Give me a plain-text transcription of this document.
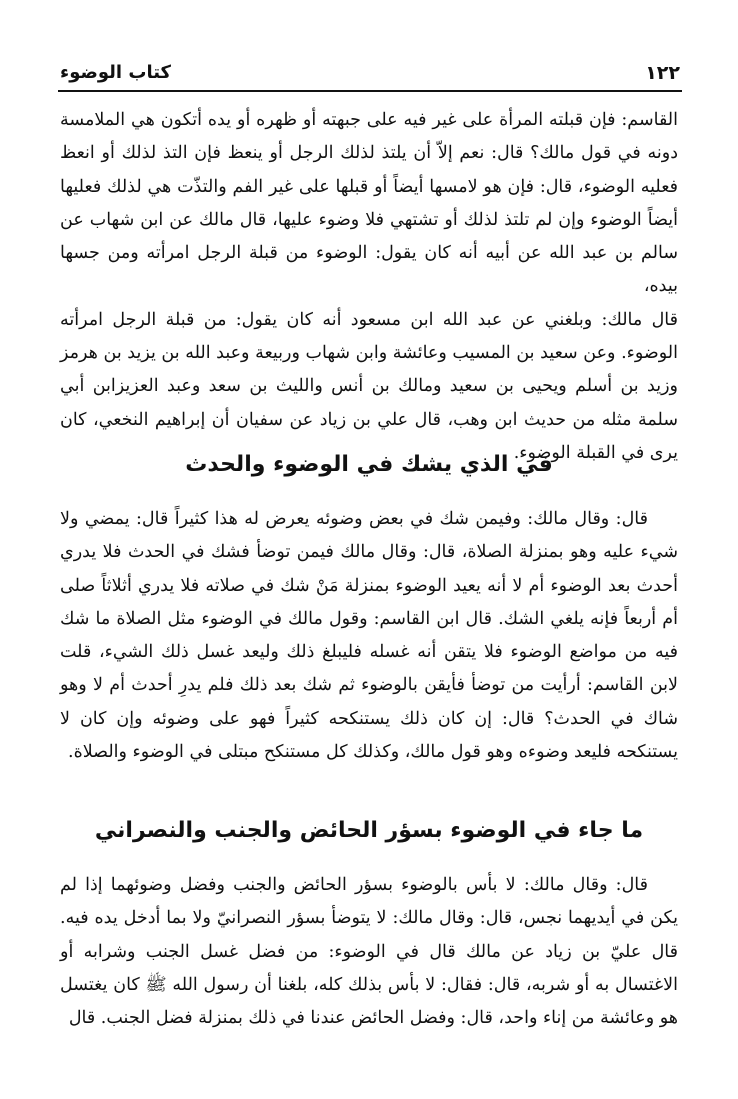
١٢٢
كتاب الوضوء

القاسم: فإن قبلته المرأة على غير فيه على جبهته أو ظهره أو يده أتكون هي الملامسة دونه في قول مالك؟ قال: نعم إلاّ أن يلتذ لذلك الرجل أو ينعظ فإن التذ لذلك أو انعظ فعليه الوضوء، قال: فإن هو لامسها أيضاً أو قبلها على غير الفم والتذّت هي لذلك فعليها أيضاً الوضوء وإن لم تلتذ لذلك أو تشتهي فلا وضوء عليها، قال مالك عن ابن شهاب عن سالم بن عبد الله عن أبيه أنه كان يقول: الوضوء من قبلة الرجل امرأته ومن جسها بيده،

قال مالك: وبلغني عن عبد الله ابن مسعود أنه كان يقول: من قبلة الرجل امرأته الوضوء. وعن سعيد بن المسيب وعائشة وابن شهاب وربيعة وعبد الله بن يزيد بن هرمز وزيد بن أسلم ويحيى بن سعيد ومالك بن أنس والليث بن سعد وعبد العزيزابن أبي سلمة مثله من حديث ابن وهب، قال علي بن زياد عن سفيان أن إبراهيم النخعي، كان يرى في القبلة الوضوء.

في الذي يشك في الوضوء والحدث

قال: وقال مالك: وفيمن شك في بعض وضوئه يعرض له هذا كثيراً قال: يمضي ولا شيء عليه وهو بمنزلة الصلاة، قال: وقال مالك فيمن توضأ فشك في الحدث فلا يدري أحدث بعد الوضوء أم لا أنه يعيد الوضوء بمنزلة مَنْ شك في صلاته فلا يدري أثلاثاً صلى أم أربعاً فإنه يلغي الشك. قال ابن القاسم: وقول مالك في الوضوء مثل الصلاة ما شك فيه من مواضع الوضوء فلا يتقن أنه غسله فليبلغ ذلك وليعد غسل ذلك الشيء، قلت لابن القاسم: أرأيت من توضأ فأيقن بالوضوء ثم شك بعد ذلك فلم يدرِ أحدث أم لا وهو شاك في الحدث؟ قال: إن كان ذلك يستنكحه كثيراً فهو على وضوئه وإن كان لا يستنكحه فليعد وضوءه وهو قول مالك، وكذلك كل مستنكح مبتلى في الوضوء والصلاة.

ما جاء في الوضوء بسؤر الحائض والجنب والنصراني

قال: وقال مالك: لا بأس بالوضوء بسؤر الحائض والجنب وفضل وضوئهما إذا لم يكن في أيديهما نجس، قال: وقال مالك: لا يتوضأ بسؤر النصرانيّ ولا بما أدخل يده فيه. قال عليّ بن زياد عن مالك قال في الوضوء: من فضل غسل الجنب وشرابه أو الاغتسال به أو شربه، قال: فقال: لا بأس بذلك كله، بلغنا أن رسول الله ﷺ كان يغتسل هو وعائشة من إناء واحد، قال: وفضل الحائض عندنا في ذلك بمنزلة فضل الجنب. قال
